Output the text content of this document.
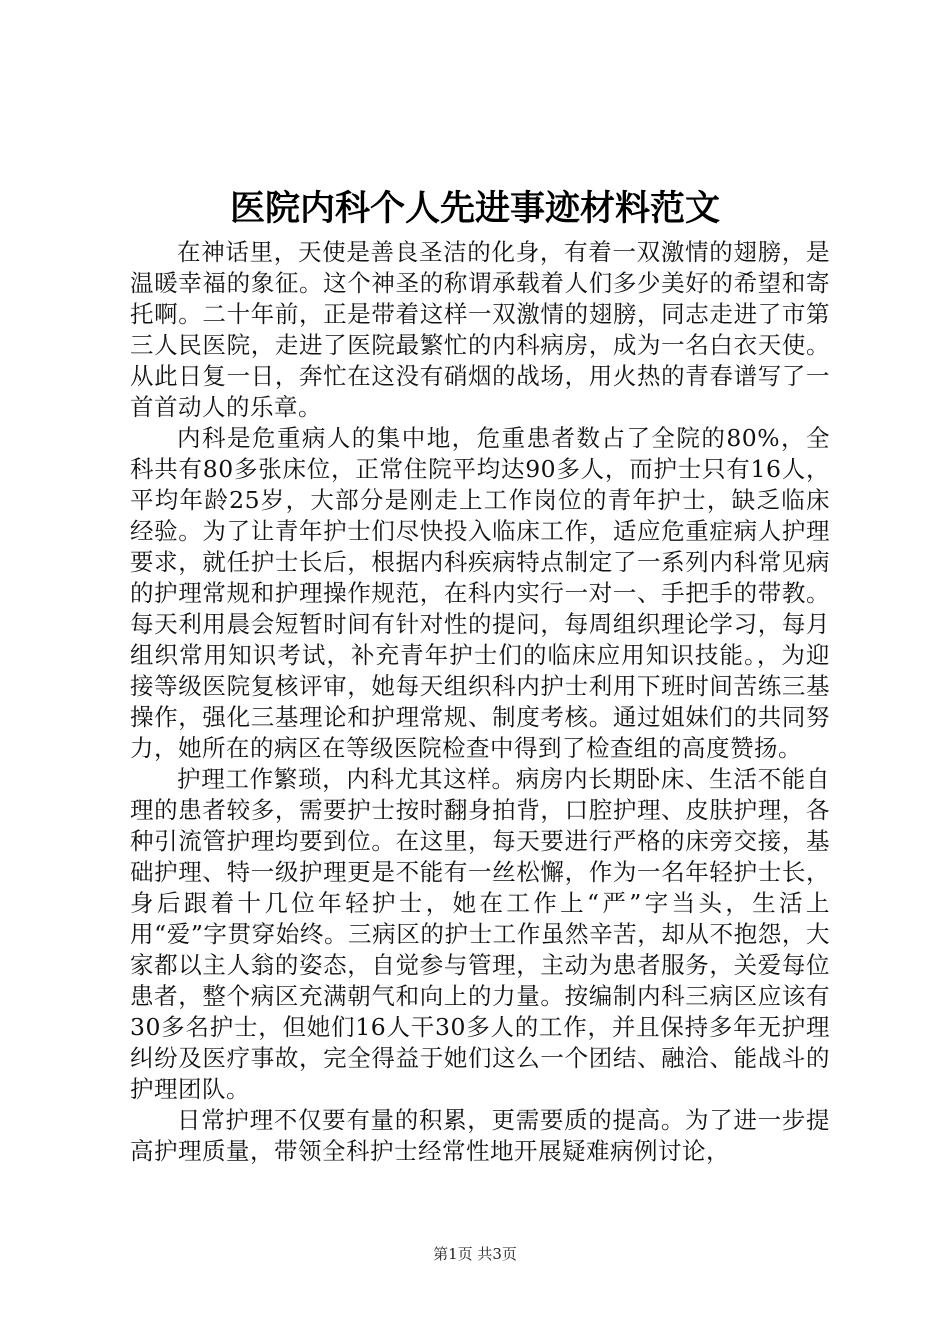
医院内科个人先进事迹材料范文

在神话里，天使是善良圣洁的化身，有着一双激情的翅膀，是温暖幸福的象征。这个神圣的称谓承载着人们多少美好的希望和寄托啊。二十年前，正是带着这样一双激情的翅膀，同志走进了市第三人民医院，走进了医院最繁忙的内科病房，成为一名白衣天使。从此日复一日，奔忙在这没有硝烟的战场，用火热的青春谱写了一首首动人的乐章。

内科是危重病人的集中地，危重患者数占了全院的80%，全科共有80多张床位，正常住院平均达90多人，而护士只有16人，平均年龄25岁，大部分是刚走上工作岗位的青年护士，缺乏临床经验。为了让青年护士们尽快投入临床工作，适应危重症病人护理要求，就任护士长后，根据内科疾病特点制定了一系列内科常见病的护理常规和护理操作规范，在科内实行一对一、手把手的带教。每天利用晨会短暂时间有针对性的提问，每周组织理论学习，每月组织常用知识考试，补充青年护士们的临床应用知识技能。，为迎接等级医院复核评审，她每天组织科内护士利用下班时间苦练三基操作，强化三基理论和护理常规、制度考核。通过姐妹们的共同努力，她所在的病区在等级医院检查中得到了检查组的高度赞扬。

护理工作繁琐，内科尤其这样。病房内长期卧床、生活不能自理的患者较多，需要护士按时翻身拍背，口腔护理、皮肤护理，各种引流管护理均要到位。在这里，每天要进行严格的床旁交接，基础护理、特一级护理更是不能有一丝松懈，作为一名年轻护士长，身后跟着十几位年轻护士，她在工作上“严”字当头，生活上用“爱”字贯穿始终。三病区的护士工作虽然辛苦，却从不抱怨，大家都以主人翁的姿态，自觉参与管理，主动为患者服务，关爱每位患者，整个病区充满朝气和向上的力量。按编制内科三病区应该有30多名护士，但她们16人干30多人的工作，并且保持多年无护理纠纷及医疗事故，完全得益于她们这么一个团结、融洽、能战斗的护理团队。

日常护理不仅要有量的积累，更需要质的提高。为了进一步提高护理质量，带领全科护士经常性地开展疑难病例讨论，

第1页 共3页
